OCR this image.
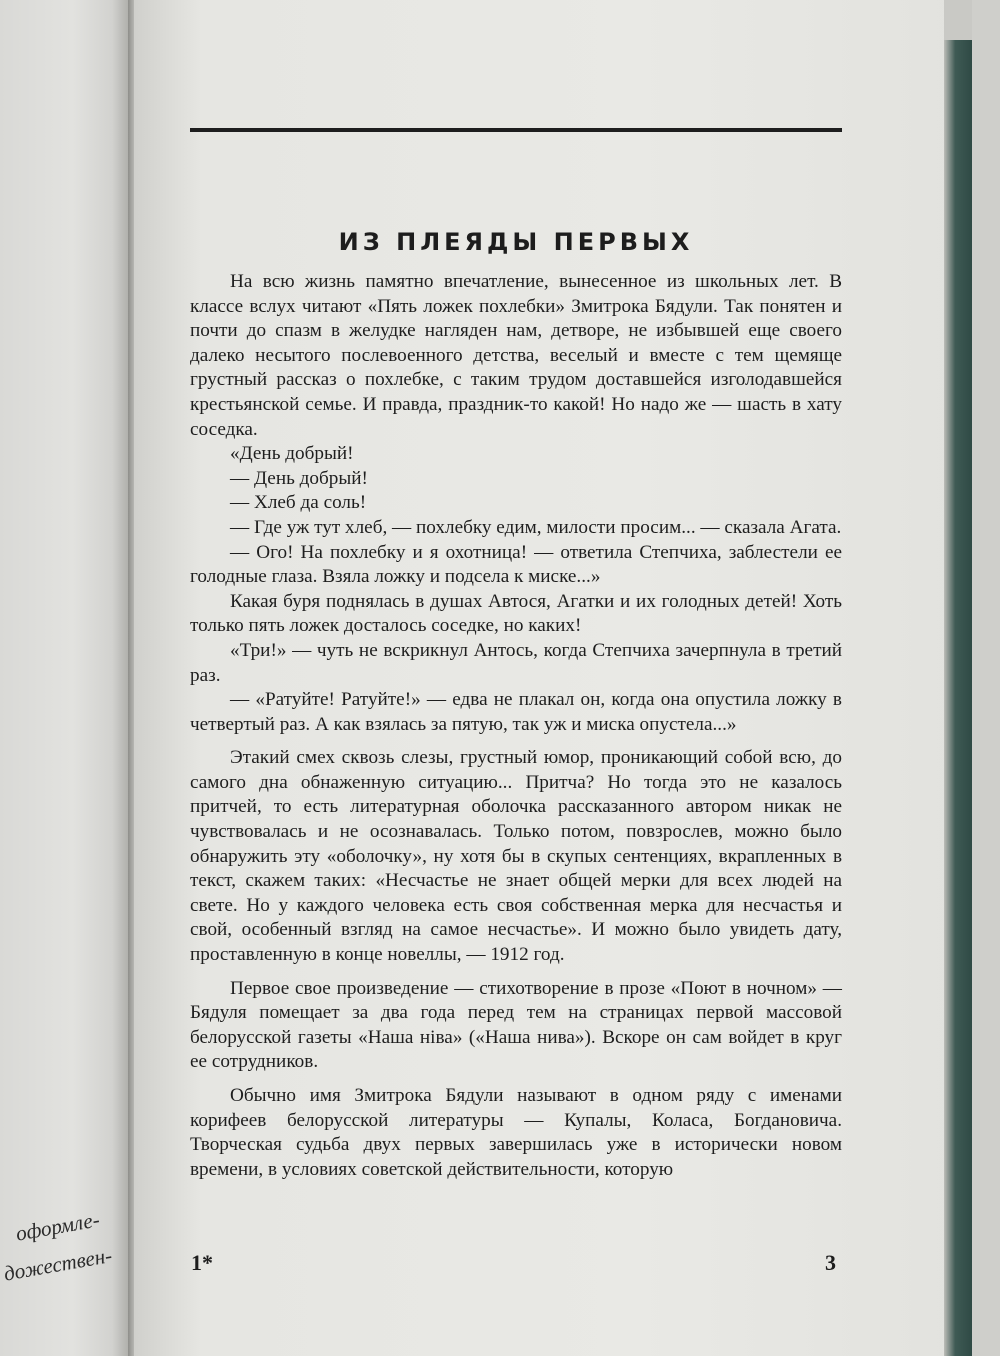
оформле-
дожествен-
ИЗ ПЛЕЯДЫ ПЕРВЫХ

На всю жизнь памятно впечатление, вынесенное из школьных лет. В классе вслух читают «Пять ложек похлебки» Змитрока Бядули. Так понятен и почти до спазм в желудке нагляден нам, детворе, не избывшей еще своего далеко несытого послевоенного детства, веселый и вместе с тем щемяще грустный рассказ о похлебке, с таким трудом доставшейся изголодавшейся крестьянской семье. И правда, праздник-то какой! Но надо же — шасть в хату соседка.

«День добрый!

— День добрый!

— Хлеб да соль!

— Где уж тут хлеб, — похлебку едим, милости просим... — сказала Агата.

— Ого! На похлебку и я охотница! — ответила Степчиха, заблестели ее голодные глаза. Взяла ложку и подсела к миске...»

Какая буря поднялась в душах Автося, Агатки и их голодных детей! Хоть только пять ложек досталось соседке, но каких!

«Три!» — чуть не вскрикнул Антось, когда Степчиха зачерпнула в третий раз.

— «Ратуйте! Ратуйте!» — едва не плакал он, когда она опустила ложку в четвертый раз. А как взялась за пятую, так уж и миска опустела...»

Этакий смех сквозь слезы, грустный юмор, проникающий собой всю, до самого дна обнаженную ситуацию... Притча? Но тогда это не казалось притчей, то есть литературная оболочка рассказанного автором никак не чувствовалась и не осознавалась. Только потом, повзрослев, можно было обнаружить эту «оболочку», ну хотя бы в скупых сентенциях, вкрапленных в текст, скажем таких: «Несчастье не знает общей мерки для всех людей на свете. Но у каждого человека есть своя собственная мерка для несчастья и свой, особенный взгляд на самое несчастье». И можно было увидеть дату, проставленную в конце новеллы, — 1912 год.

Первое свое произведение — стихотворение в прозе «Поют в ночном» — Бядуля помещает за два года перед тем на страницах первой массовой белорусской газеты «Наша ніва» («Наша нива»). Вскоре он сам войдет в круг ее сотрудников.

Обычно имя Змитрока Бядули называют в одном ряду с именами корифеев белорусской литературы — Купалы, Коласа, Богдановича. Творческая судьба двух первых завершилась уже в исторически новом времени, в условиях советской действительности, которую

1*	3
